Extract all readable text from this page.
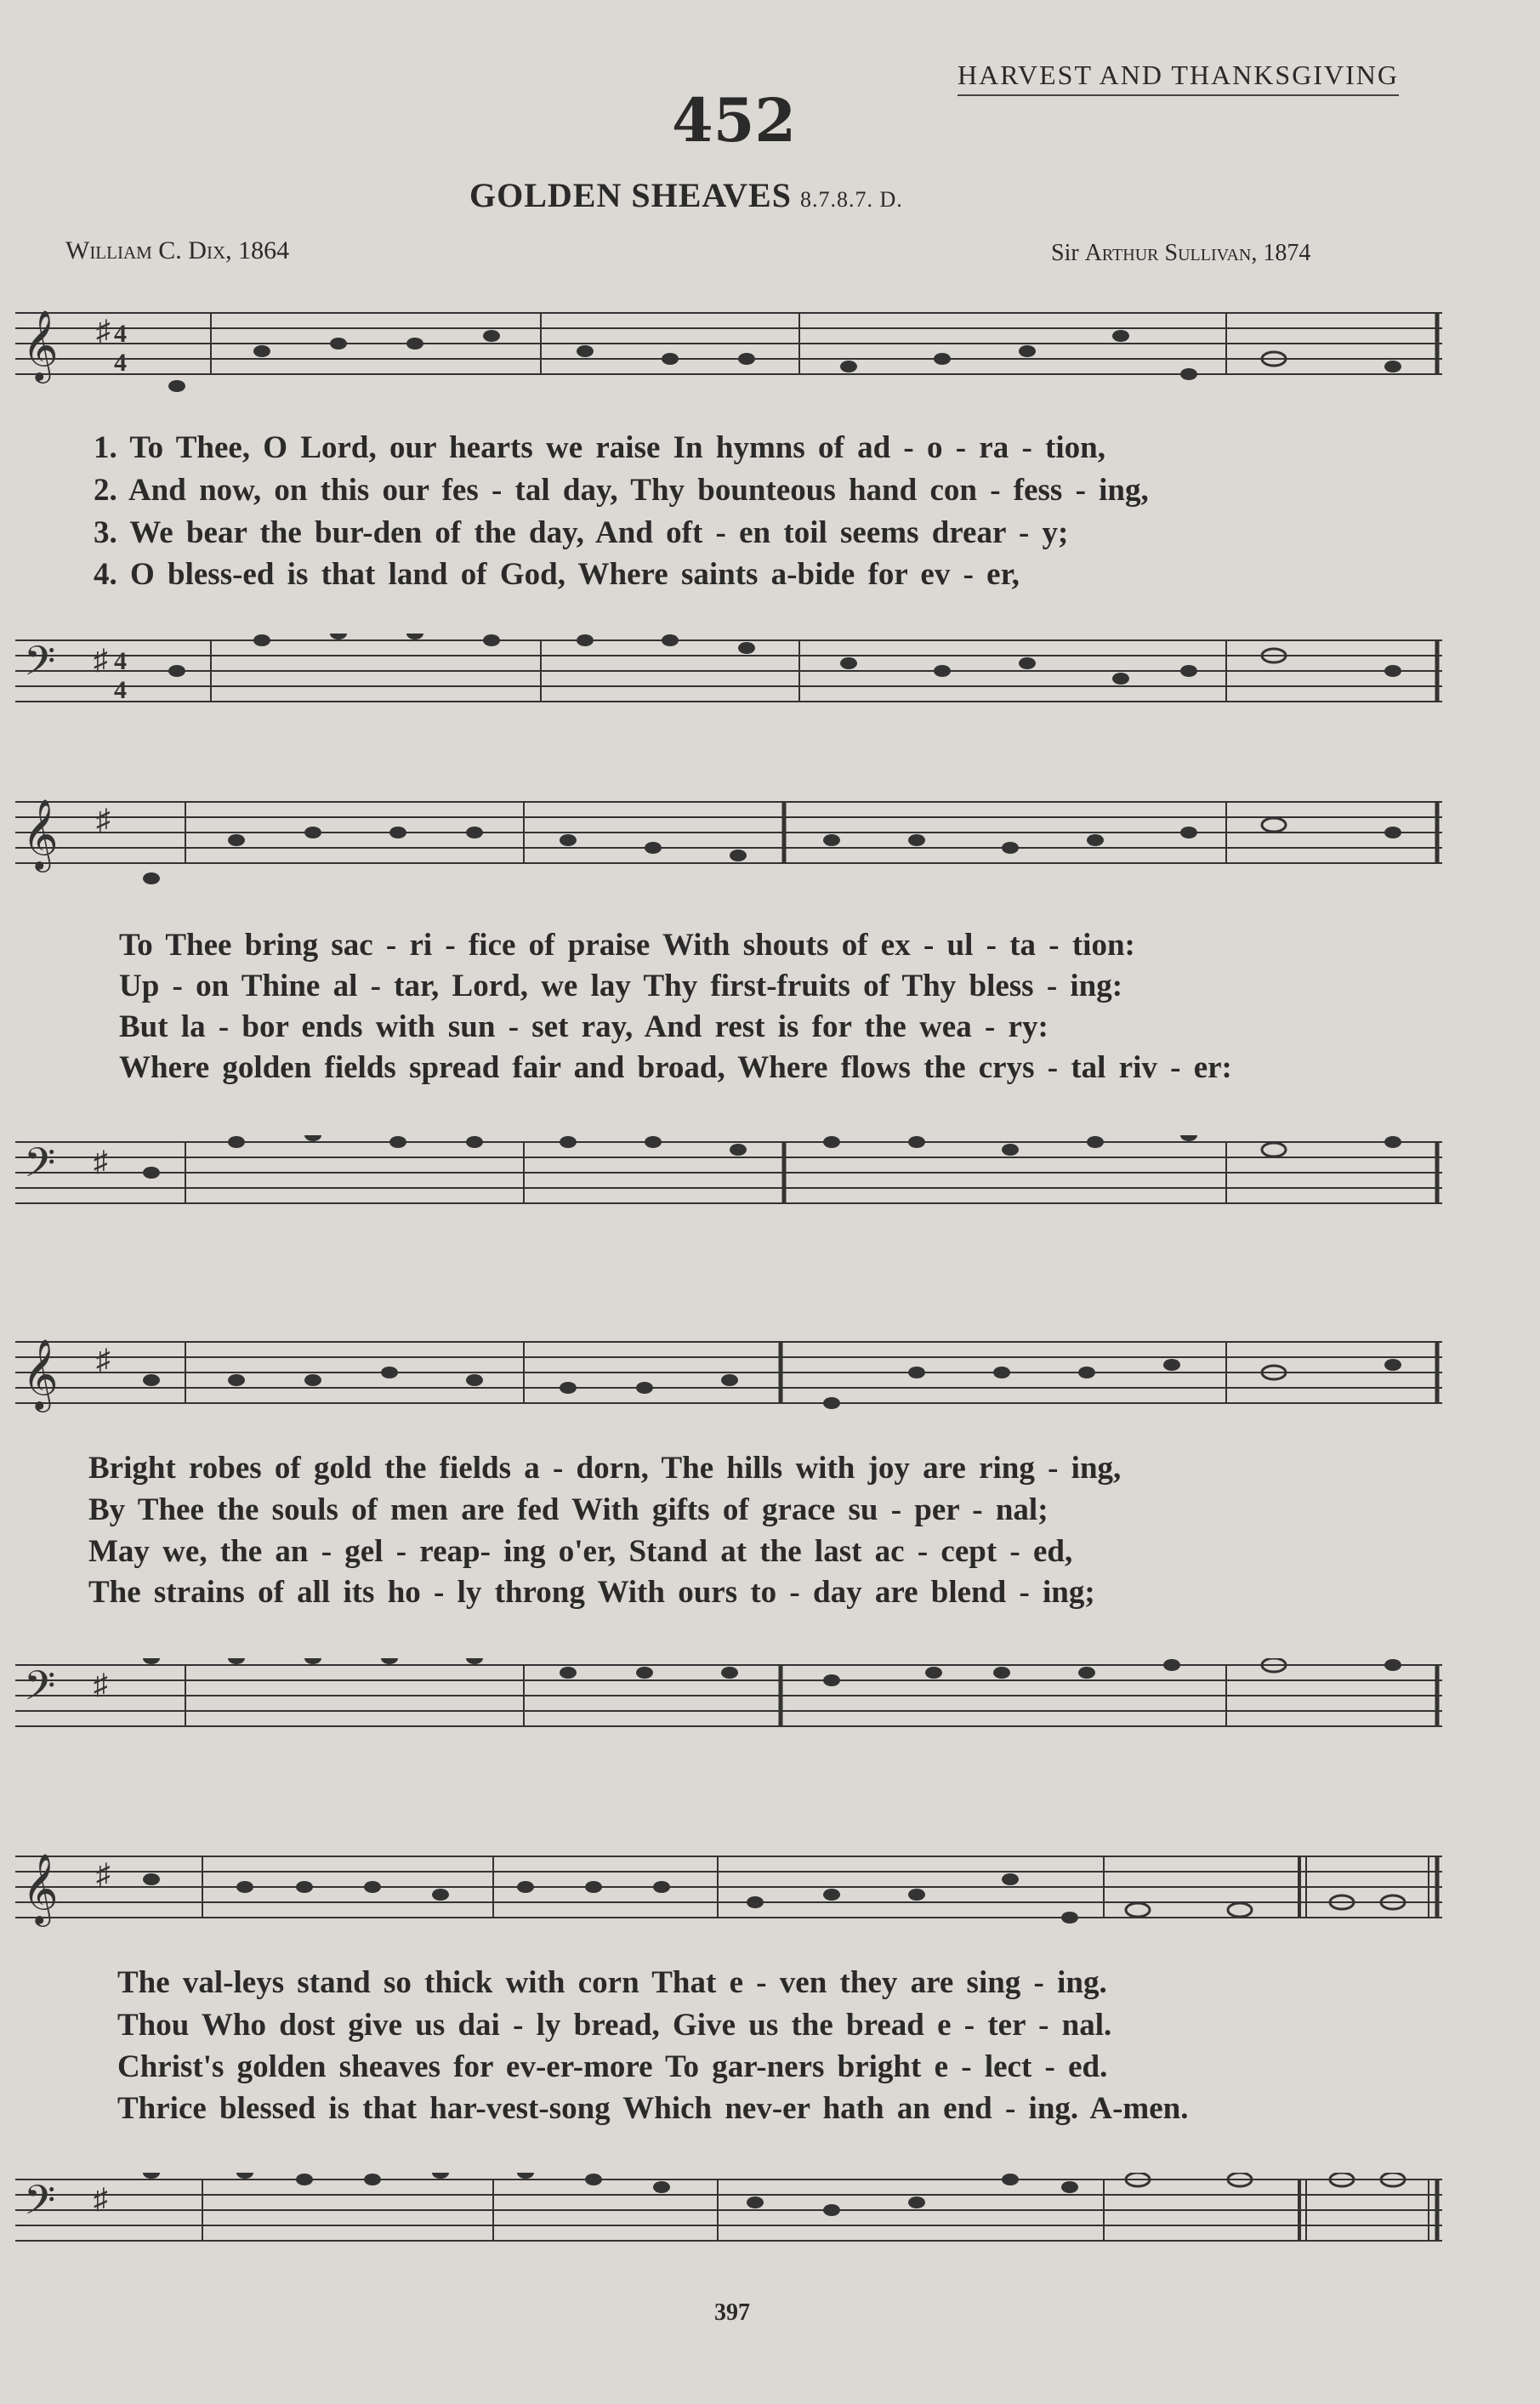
HARVEST AND THANKSGIVING
452
GOLDEN SHEAVES 8.7.8.7. D.
William C. Dix, 1864	Sir Arthur Sullivan, 1874
𝄞 ♯ 4
4
1. To Thee, O Lord, our hearts we raise In hymns of ad - o - ra - tion,
2. And now, on this our fes - tal day, Thy bounteous hand con - fess - ing,
3. We bear the bur-den of the day, And oft - en toil seems drear - y;
4. O bless-ed is that land of God, Where saints a-bide for ev - er,
𝄢 ♯ 4
4
𝄞 ♯
To Thee bring sac - ri - fice of praise With shouts of ex - ul - ta - tion:
Up - on Thine al - tar, Lord, we lay Thy first-fruits of Thy bless - ing:
But la - bor ends with sun - set ray, And rest is for the wea - ry:
Where golden fields spread fair and broad, Where flows the crys - tal riv - er:
𝄢 ♯
𝄞 ♯
Bright robes of gold the fields a - dorn, The hills with joy are ring - ing,
By Thee the souls of men are fed With gifts of grace su - per - nal;
May we, the an - gel - reap- ing o'er, Stand at the last ac - cept - ed,
The strains of all its ho - ly throng With ours to - day are blend - ing;
𝄢 ♯
𝄞 ♯
The val-leys stand so thick with corn That e - ven they are sing - ing.
Thou Who dost give us dai - ly bread, Give us the bread e - ter - nal.
Christ's golden sheaves for ev-er-more To gar-ners bright e - lect - ed.
Thrice blessed is that har-vest-song Which nev-er hath an end - ing. A-men.
𝄢 ♯
397
